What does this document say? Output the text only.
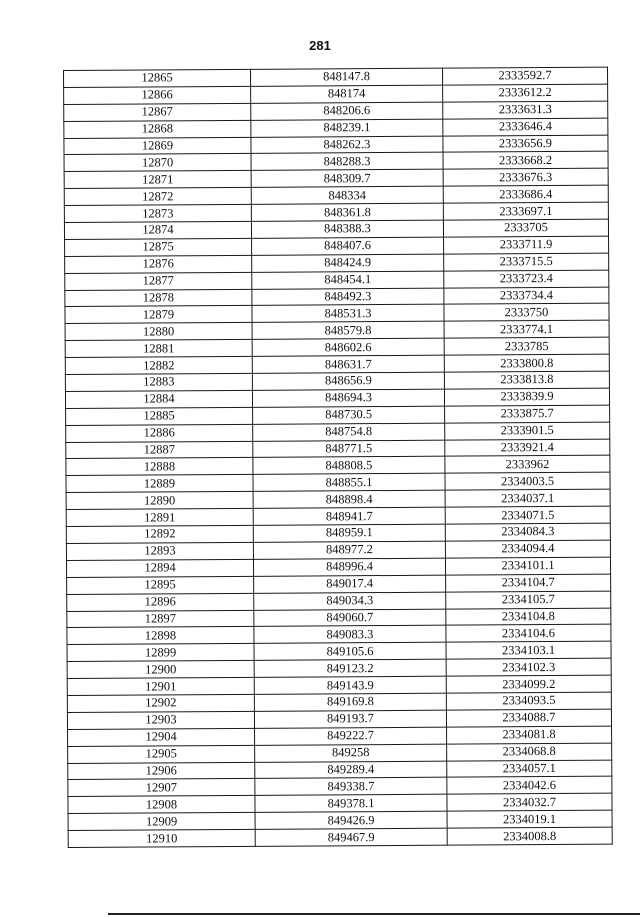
281
12865	848147.8	2333592.7
12866	848174	2333612.2
12867	848206.6	2333631.3
12868	848239.1	2333646.4
12869	848262.3	2333656.9
12870	848288.3	2333668.2
12871	848309.7	2333676.3
12872	848334	2333686.4
12873	848361.8	2333697.1
12874	848388.3	2333705
12875	848407.6	2333711.9
12876	848424.9	2333715.5
12877	848454.1	2333723.4
12878	848492.3	2333734.4
12879	848531.3	2333750
12880	848579.8	2333774.1
12881	848602.6	2333785
12882	848631.7	2333800.8
12883	848656.9	2333813.8
12884	848694.3	2333839.9
12885	848730.5	2333875.7
12886	848754.8	2333901.5
12887	848771.5	2333921.4
12888	848808.5	2333962
12889	848855.1	2334003.5
12890	848898.4	2334037.1
12891	848941.7	2334071.5
12892	848959.1	2334084.3
12893	848977.2	2334094.4
12894	848996.4	2334101.1
12895	849017.4	2334104.7
12896	849034.3	2334105.7
12897	849060.7	2334104.8
12898	849083.3	2334104.6
12899	849105.6	2334103.1
12900	849123.2	2334102.3
12901	849143.9	2334099.2
12902	849169.8	2334093.5
12903	849193.7	2334088.7
12904	849222.7	2334081.8
12905	849258	2334068.8
12906	849289.4	2334057.1
12907	849338.7	2334042.6
12908	849378.1	2334032.7
12909	849426.9	2334019.1
12910	849467.9	2334008.8
